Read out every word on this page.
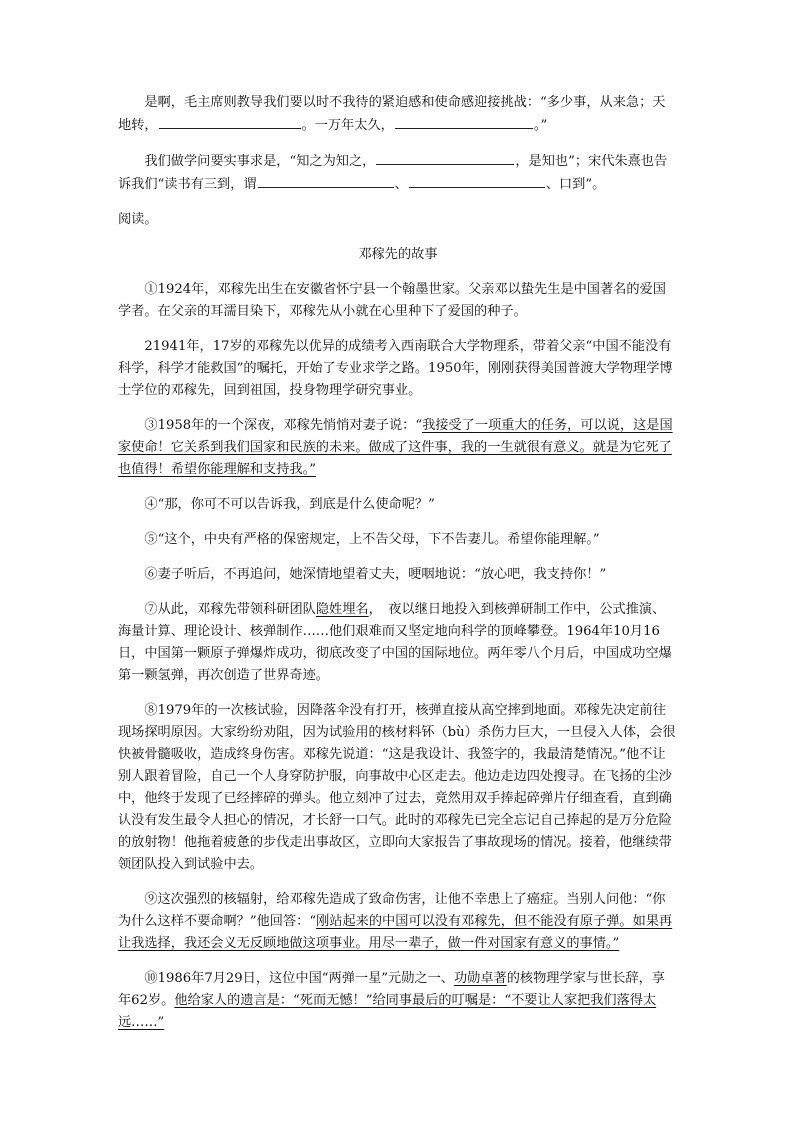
是啊，毛主席则教导我们要以时不我待的紧迫感和使命感迎接挑战：“多少事，从来急；天地转，	。一万年太久，	。”

我们做学问要实事求是，“知之为知之，	，是知也”；宋代朱熹也告诉我们“读书有三到，谓	、	、口到”。

阅读。

邓稼先的故事

①1924年，邓稼先出生在安徽省怀宁县一个翰墨世家。父亲邓以蛰先生是中国著名的爱国学者。在父亲的耳濡目染下，邓稼先从小就在心里种下了爱国的种子。

21941年，17岁的邓稼先以优异的成绩考入西南联合大学物理系，带着父亲“中国不能没有科学，科学才能救国”的嘱托，开始了专业求学之路。1950年，刚刚获得美国普渡大学物理学博士学位的邓稼先，回到祖国，投身物理学研究事业。

③1958年的一个深夜，邓稼先悄悄对妻子说：“我接受了一项重大的任务，可以说，这是国家使命！它关系到我们国家和民族的未来。做成了这件事，我的一生就很有意义。就是为它死了也值得！希望你能理解和支持我。”

④“那，你可不可以告诉我，到底是什么使命呢？”

⑤“这个，中央有严格的保密规定，上不告父母，下不告妻儿。希望你能理解。”

⑥妻子听后，不再追问，她深情地望着丈夫，哽咽地说：“放心吧，我支持你！”

⑦从此，邓稼先带领科研团队隐姓埋名，　夜以继日地投入到核弹研制工作中，公式推演、海量计算、理论设计、核弹制作……他们艰难而又坚定地向科学的顶峰攀登。1964年10月16日，中国第一颗原子弹爆炸成功，彻底改变了中国的国际地位。两年零八个月后，中国成功空爆第一颗氢弹，再次创造了世界奇迹。

⑧1979年的一次核试验，因降落伞没有打开，核弹直接从高空摔到地面。邓稼先决定前往现场探明原因。大家纷纷劝阻，因为试验用的核材料钚（bù）杀伤力巨大，一旦侵入人体，会很快被骨髓吸收，造成终身伤害。邓稼先说道：“这是我设计、我签字的，我最清楚情况。”他不让别人跟着冒险，自己一个人身穿防护服，向事故中心区走去。他边走边四处搜寻。在飞扬的尘沙中，他终于发现了已经摔碎的弹头。他立刻冲了过去，竟然用双手捧起碎弹片仔细查看，直到确认没有发生最令人担心的情况，才长舒一口气。此时的邓稼先已完全忘记自己捧起的是万分危险的放射物！他拖着疲惫的步伐走出事故区，立即向大家报告了事故现场的情况。接着，他继续带领团队投入到试验中去。

⑨这次强烈的核辐射，给邓稼先造成了致命伤害，让他不幸患上了癌症。当别人问他：“你为什么这样不要命啊？”他回答：“刚站起来的中国可以没有邓稼先，但不能没有原子弹。如果再让我选择，我还会义无反顾地做这项事业。用尽一辈子，做一件对国家有意义的事情。”

⑩1986年7月29日，这位中国“两弹一星”元勋之一、功勋卓著的核物理学家与世长辞，享年62岁。他给家人的遗言是：“死而无憾！”给同事最后的叮嘱是：“不要让人家把我们落得太远……”
